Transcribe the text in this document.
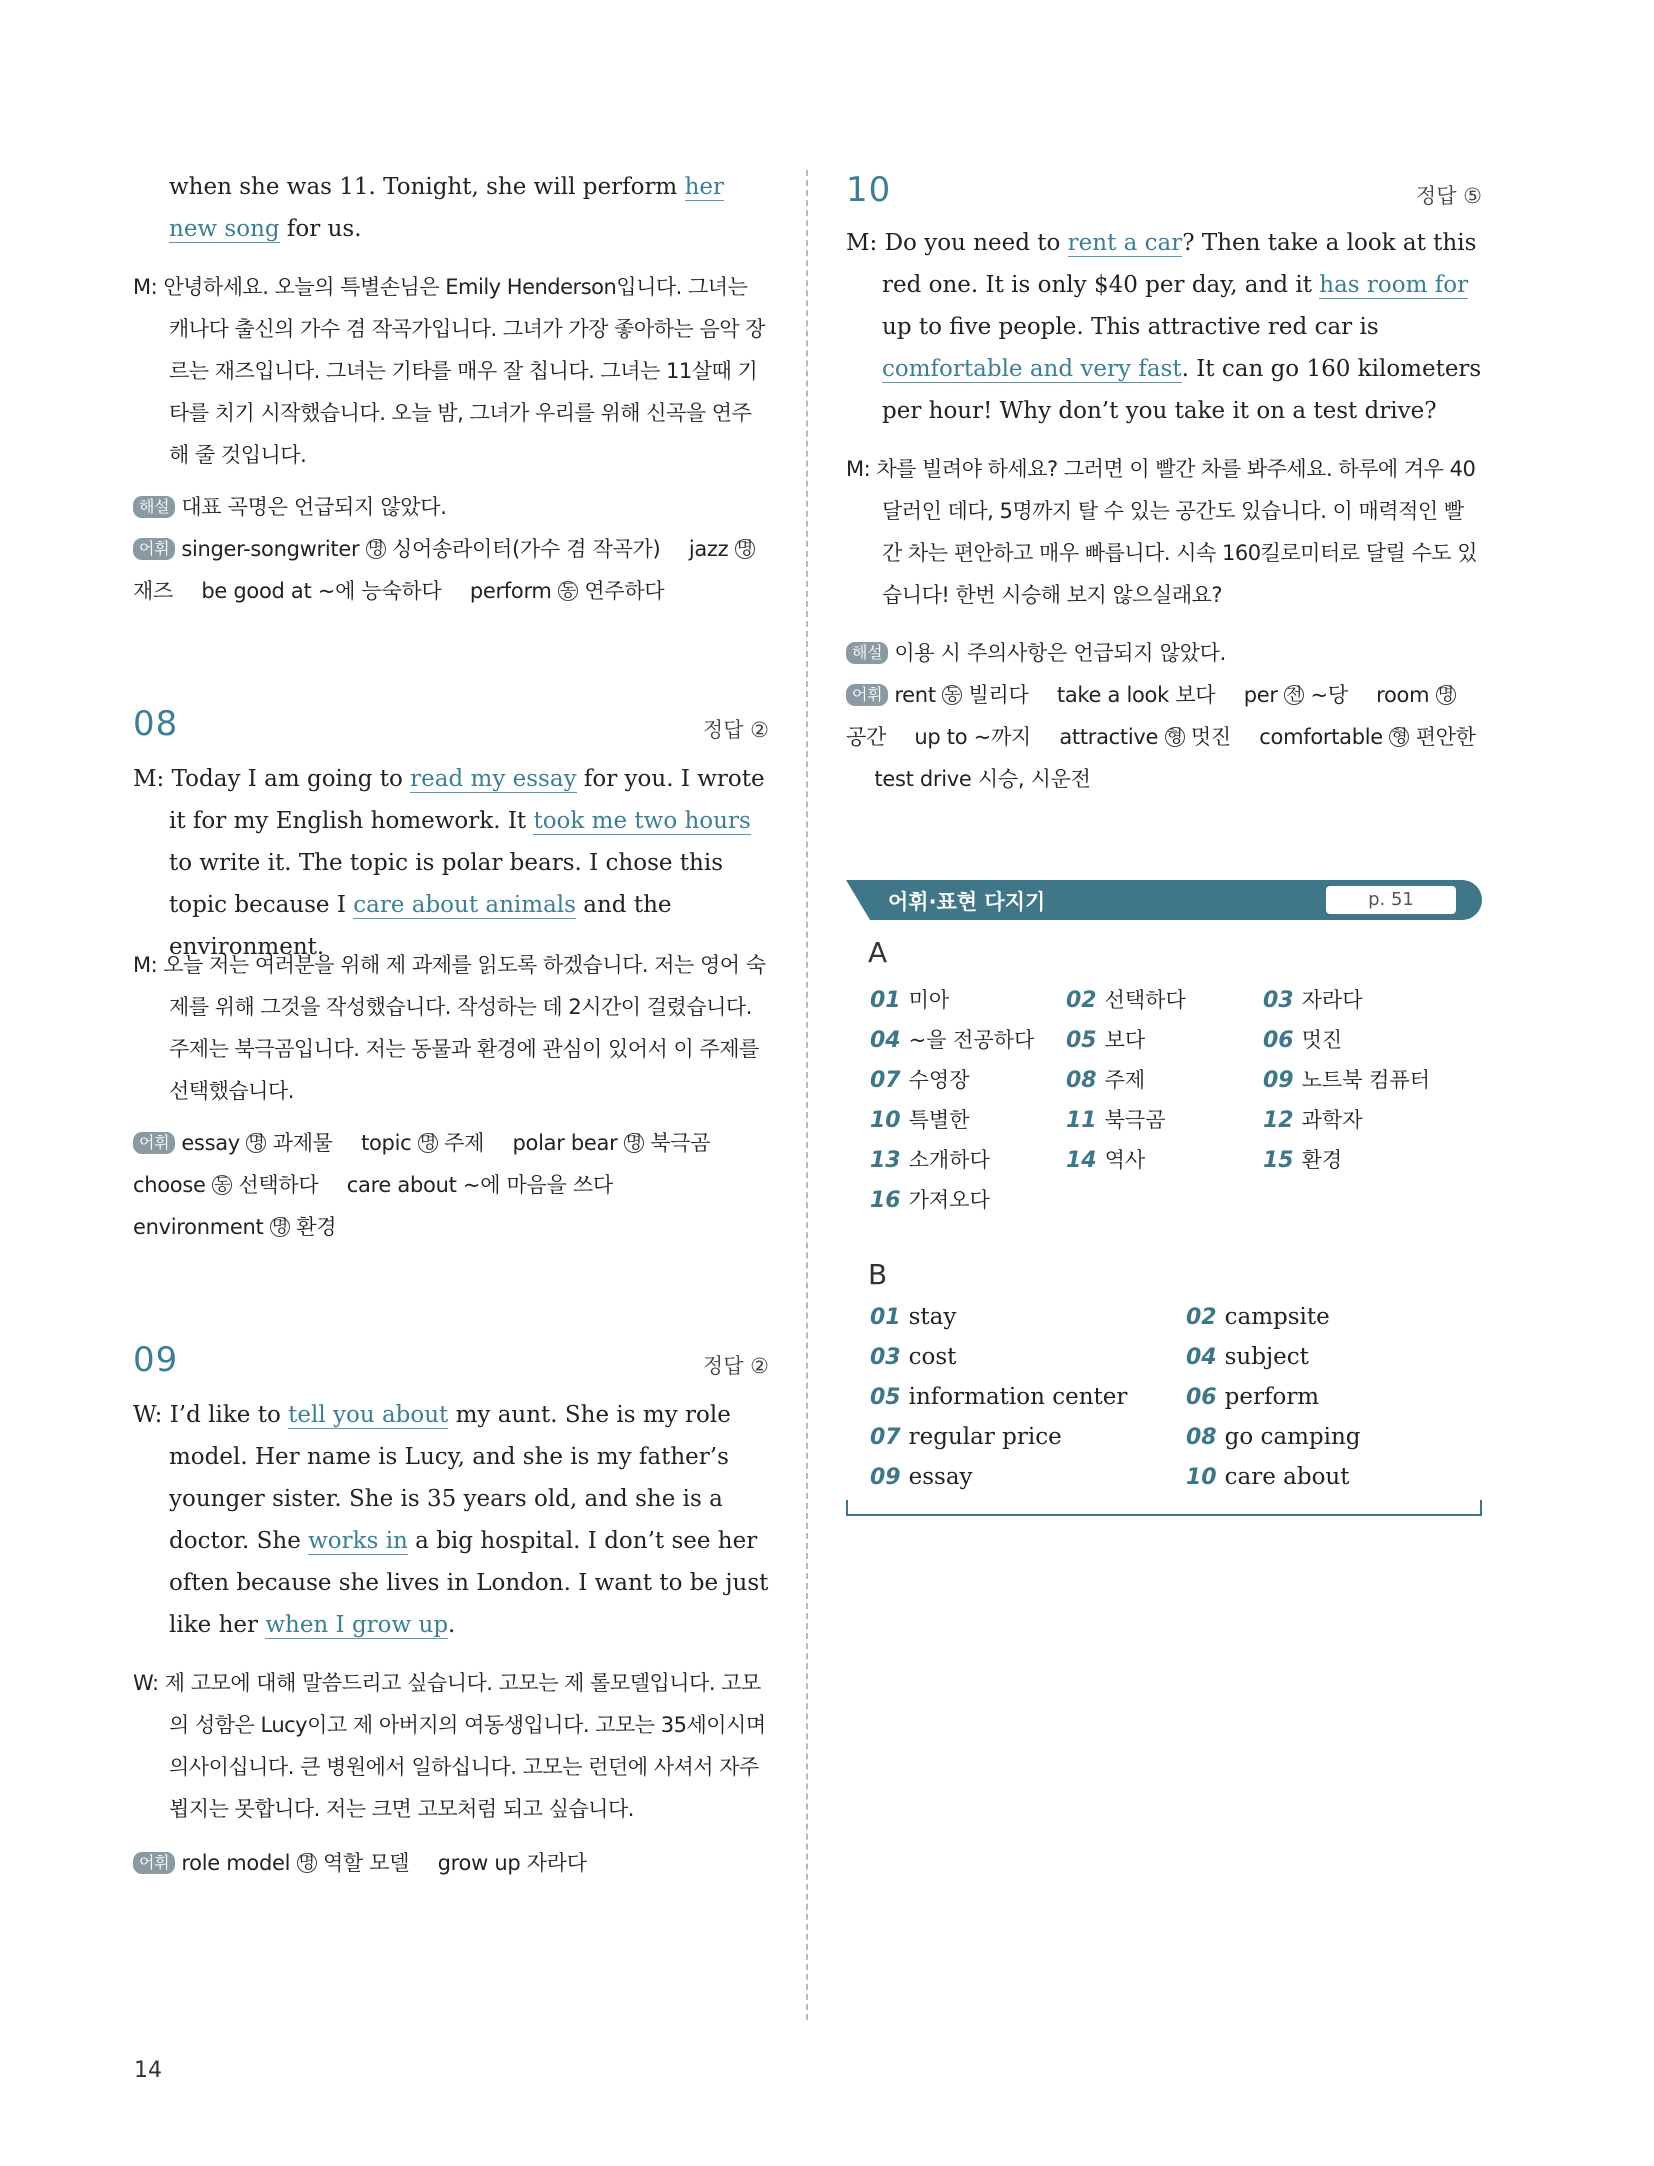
when she was 11. Tonight, she will perform her new song for us.

M: 안녕하세요. 오늘의 특별손님은 Emily Henderson입니다. 그녀는 캐나다 출신의 가수 겸 작곡가입니다. 그녀가 가장 좋아하는 음악 장르는 재즈입니다. 그녀는 기타를 매우 잘 칩니다. 그녀는 11살때 기타를 치기 시작했습니다. 오늘 밤, 그녀가 우리를 위해 신곡을 연주해 줄 것입니다.

해설 대표 곡명은 언급되지 않았다.
어휘 singer-songwriter 명 싱어송라이터(가수 겸 작곡가) jazz 명 재즈 be good at ~에 능숙하다 perform 동 연주하다
08	정답 ②

M: Today I am going to read my essay for you. I wrote it for my English homework. It took me two hours to write it. The topic is polar bears. I chose this topic because I care about animals and the environment.

M: 오늘 저는 여러분을 위해 제 과제를 읽도록 하겠습니다. 저는 영어 숙제를 위해 그것을 작성했습니다. 작성하는 데 2시간이 걸렸습니다. 주제는 북극곰입니다. 저는 동물과 환경에 관심이 있어서 이 주제를 선택했습니다.

어휘 essay 명 과제물 topic 명 주제 polar bear 명 북극곰 choose 동 선택하다 care about ~에 마음을 쓰다 environment 명 환경
09	정답 ②

W: I’d like to tell you about my aunt. She is my role model. Her name is Lucy, and she is my father’s younger sister. She is 35 years old, and she is a doctor. She works in a big hospital. I don’t see her often because she lives in London. I want to be just like her when I grow up.

W: 제 고모에 대해 말씀드리고 싶습니다. 고모는 제 롤모델입니다. 고모의 성함은 Lucy이고 제 아버지의 여동생입니다. 고모는 35세이시며 의사이십니다. 큰 병원에서 일하십니다. 고모는 런던에 사셔서 자주 뵙지는 못합니다. 저는 크면 고모처럼 되고 싶습니다.

어휘 role model 명 역할 모델 grow up 자라다
10	정답 ⑤

M: Do you need to rent a car? Then take a look at this red one. It is only $40 per day, and it has room for up to five people. This attractive red car is comfortable and very fast. It can go 160 kilometers per hour! Why don’t you take it on a test drive?

M: 차를 빌려야 하세요? 그러면 이 빨간 차를 봐주세요. 하루에 겨우 40달러인 데다, 5명까지 탈 수 있는 공간도 있습니다. 이 매력적인 빨간 차는 편안하고 매우 빠릅니다. 시속 160킬로미터로 달릴 수도 있습니다! 한번 시승해 보지 않으실래요?

해설 이용 시 주의사항은 언급되지 않았다.
어휘 rent 동 빌리다 take a look 보다 per 전 ~당 room 명 공간 up to ~까지 attractive 형 멋진 comfortable 형 편안한 test drive 시승, 시운전
어휘·표현 다지기	p. 51
A
01 미아	02 선택하다	03 자라다
04 ~을 전공하다 05 보다	06 멋진
07 수영장	08 주제	09 노트북 컴퓨터
10 특별한	11 북극곰	12 과학자
13 소개하다	14 역사	15 환경
16 가져오다
B
01 stay	02 campsite
03 cost	04 subject
05 information center	06 perform
07 regular price	08 go camping
09 essay	10 care about
14
